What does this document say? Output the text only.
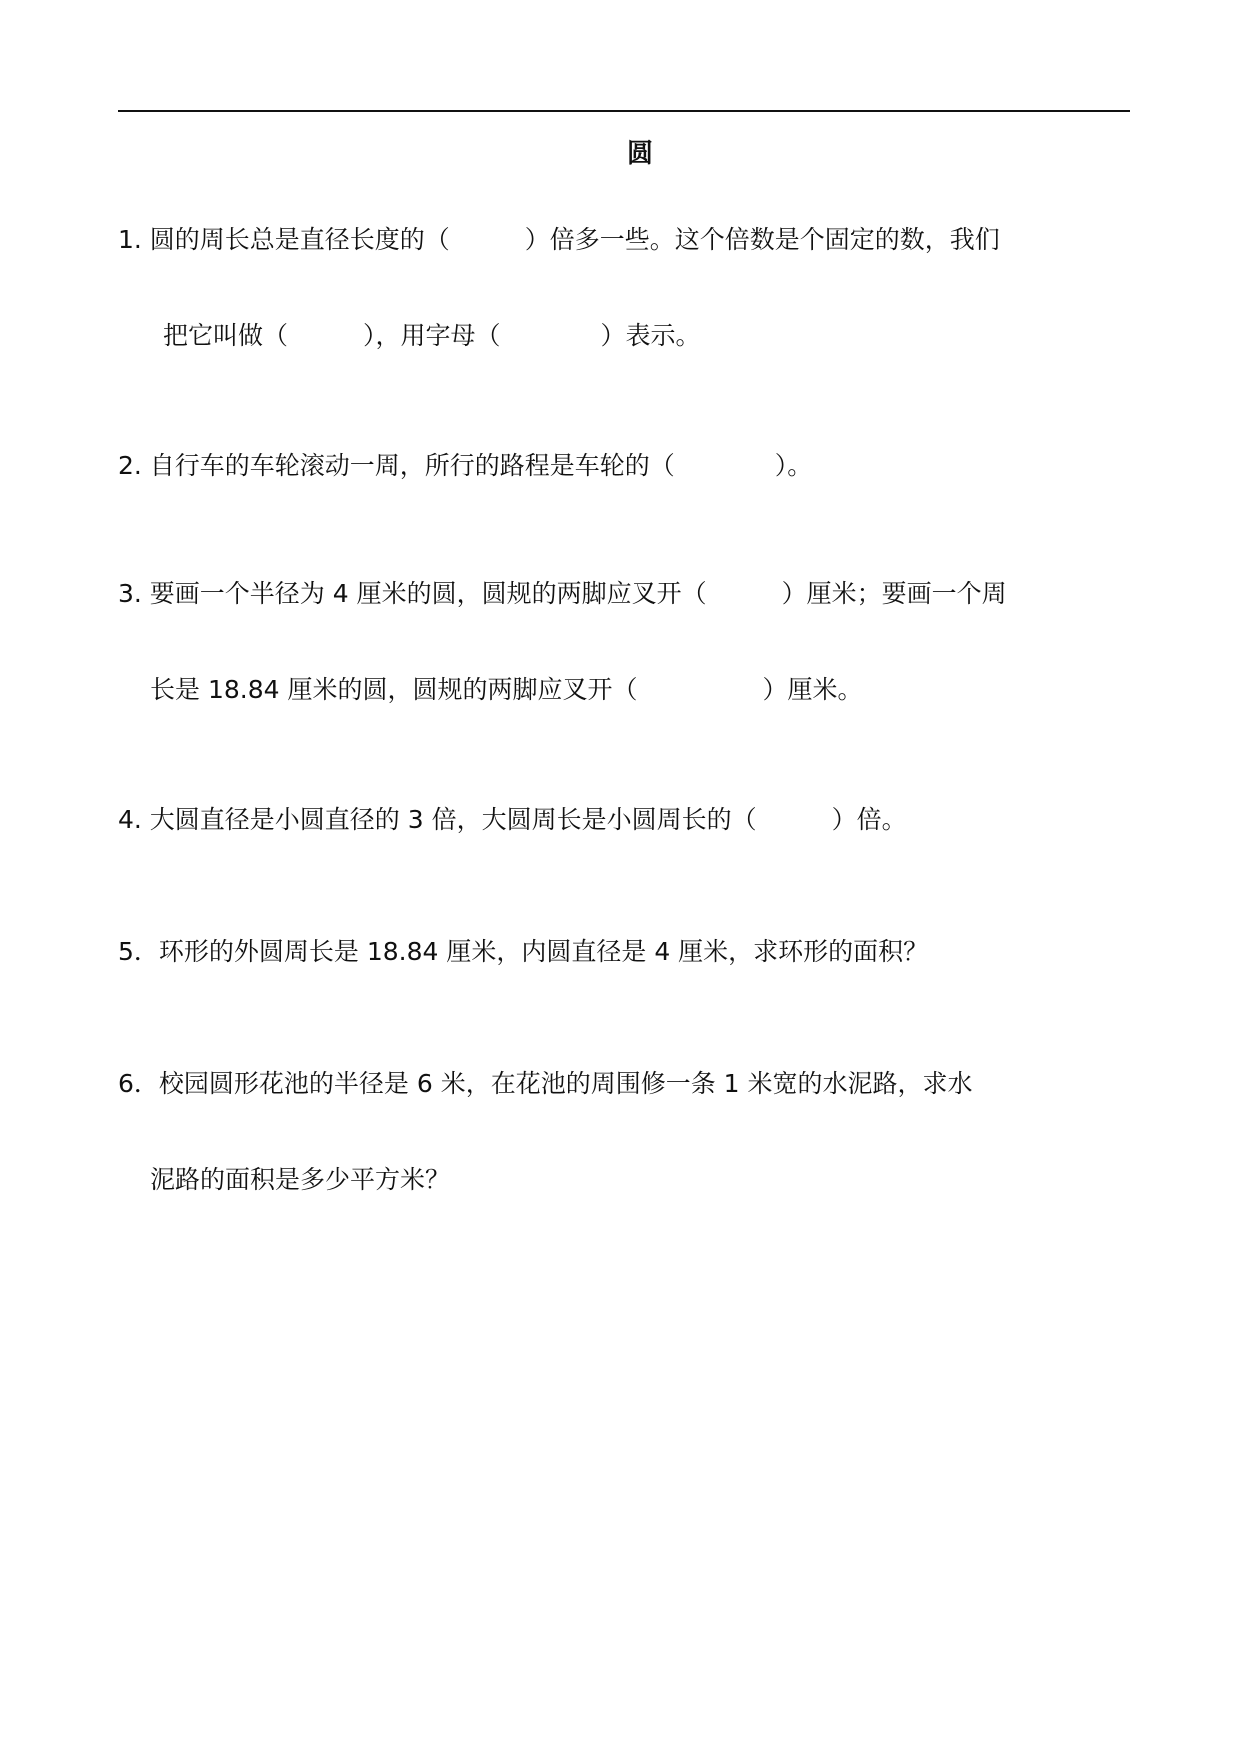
圆

1. 圆的周长总是直径长度的（　　　）倍多一些。这个倍数是个固定的数，我们

把它叫做（　　　），用字母（　　　　）表示。

2. 自行车的车轮滚动一周，所行的路程是车轮的（　　　　）。

3. 要画一个半径为 4 厘米的圆，圆规的两脚应叉开（　　　）厘米；要画一个周

长是 18.84 厘米的圆，圆规的两脚应叉开（　　　　　）厘米。

4. 大圆直径是小圆直径的 3 倍，大圆周长是小圆周长的（　　　）倍。

5．环形的外圆周长是 18.84 厘米，内圆直径是 4 厘米，求环形的面积？

6．校园圆形花池的半径是 6 米，在花池的周围修一条 1 米宽的水泥路，求水

泥路的面积是多少平方米？
